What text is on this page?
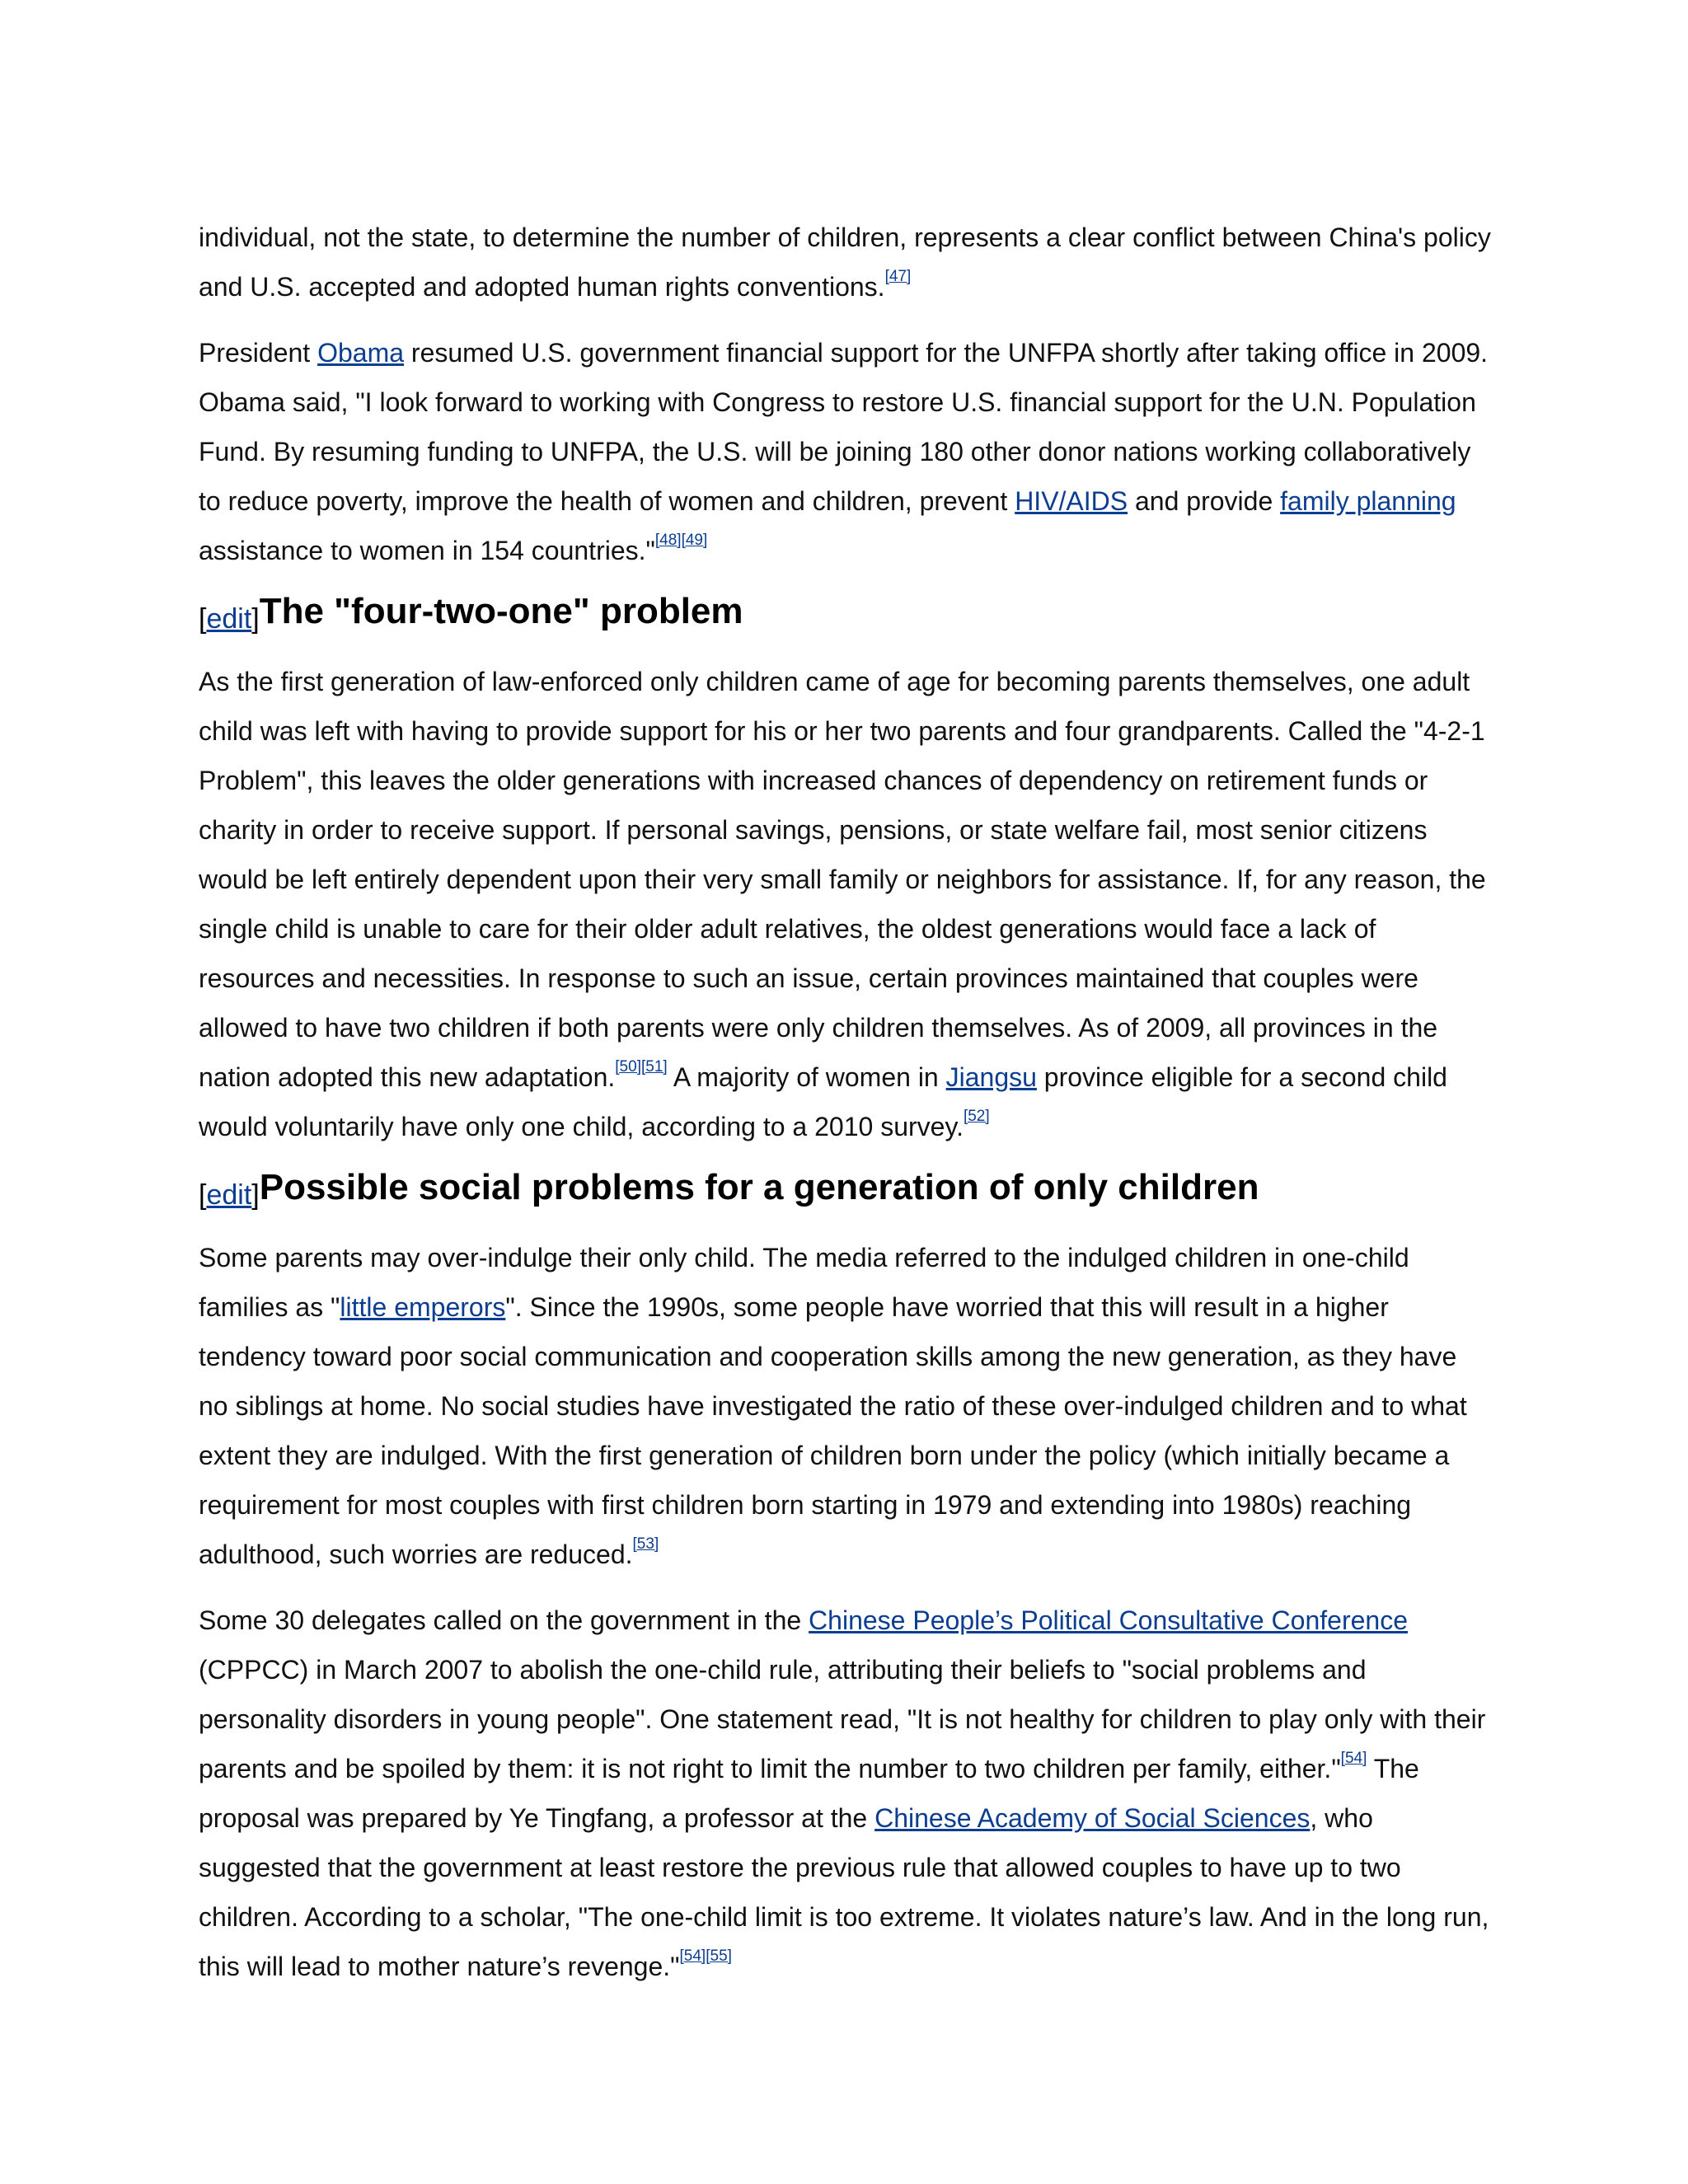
individual, not the state, to determine the number of children, represents a clear conflict between China's policy and U.S. accepted and adopted human rights conventions.[47]

President Obama resumed U.S. government financial support for the UNFPA shortly after taking office in 2009. Obama said, "I look forward to working with Congress to restore U.S. financial support for the U.N. Population Fund. By resuming funding to UNFPA, the U.S. will be joining 180 other donor nations working collaboratively to reduce poverty, improve the health of women and children, prevent HIV/AIDS and provide family planning assistance to women in 154 countries."[48][49]

[edit]The "four-two-one" problem

As the first generation of law-enforced only children came of age for becoming parents themselves, one adult child was left with having to provide support for his or her two parents and four grandparents. Called the "4-2-1 Problem", this leaves the older generations with increased chances of dependency on retirement funds or charity in order to receive support. If personal savings, pensions, or state welfare fail, most senior citizens would be left entirely dependent upon their very small family or neighbors for assistance. If, for any reason, the single child is unable to care for their older adult relatives, the oldest generations would face a lack of resources and necessities. In response to such an issue, certain provinces maintained that couples were allowed to have two children if both parents were only children themselves. As of 2009, all provinces in the nation adopted this new adaptation.[50][51] A majority of women in Jiangsu province eligible for a second child would voluntarily have only one child, according to a 2010 survey.[52]

[edit]Possible social problems for a generation of only children

Some parents may over-indulge their only child. The media referred to the indulged children in one-child families as "little emperors". Since the 1990s, some people have worried that this will result in a higher tendency toward poor social communication and cooperation skills among the new generation, as they have no siblings at home. No social studies have investigated the ratio of these over-indulged children and to what extent they are indulged. With the first generation of children born under the policy (which initially became a requirement for most couples with first children born starting in 1979 and extending into 1980s) reaching adulthood, such worries are reduced.[53]

Some 30 delegates called on the government in the Chinese People’s Political Consultative Conference (CPPCC) in March 2007 to abolish the one-child rule, attributing their beliefs to "social problems and personality disorders in young people". One statement read, "It is not healthy for children to play only with their parents and be spoiled by them: it is not right to limit the number to two children per family, either."[54] The proposal was prepared by Ye Tingfang, a professor at the Chinese Academy of Social Sciences, who suggested that the government at least restore the previous rule that allowed couples to have up to two children. According to a scholar, "The one-child limit is too extreme. It violates nature’s law. And in the long run, this will lead to mother nature’s revenge."[54][55]
